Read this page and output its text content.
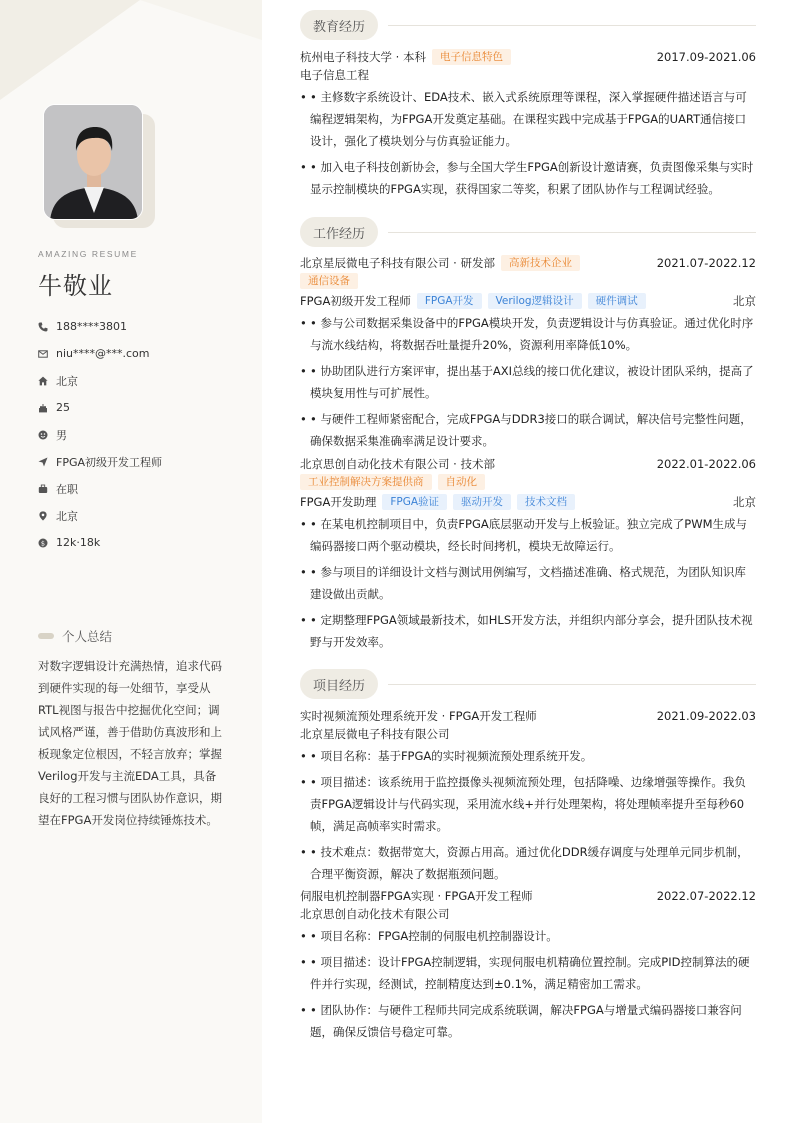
AMAZING RESUME
牛敬业
188****3801
niu****@***.com
北京
25
男
FPGA初级开发工程师
在职
北京
$ 12k·18k
个人总结
对数字逻辑设计充满热情，追求代码到硬件实现的每一处细节，享受从RTL视图与报告中挖掘优化空间；调试风格严谨，善于借助仿真波形和上板现象定位根因，不轻言放弃；掌握Verilog开发与主流EDA工具，具备良好的工程习惯与团队协作意识，期望在FPGA开发岗位持续锤炼技术。
教育经历
杭州电子科技大学 · 本科	电子信息特色	2017.09-2021.06
电子信息工程
• • 主修数字系统设计、EDA技术、嵌入式系统原理等课程，深入掌握硬件描述语言与可编程逻辑架构，为FPGA开发奠定基础。在课程实践中完成基于FPGA的UART通信接口设计，强化了模块划分与仿真验证能力。
• • 加入电子科技创新协会，参与全国大学生FPGA创新设计邀请赛，负责图像采集与实时显示控制模块的FPGA实现，获得国家二等奖，积累了团队协作与工程调试经验。
工作经历
北京星辰微电子科技有限公司 · 研发部	高新技术企业	2021.07-2022.12
通信设备
FPGA初级开发工程师	FPGA开发	Verilog逻辑设计	硬件调试	北京
• • 参与公司数据采集设备中的FPGA模块开发，负责逻辑设计与仿真验证。通过优化时序与流水线结构，将数据吞吐量提升20%，资源利用率降低10%。
• • 协助团队进行方案评审，提出基于AXI总线的接口优化建议，被设计团队采纳，提高了模块复用性与可扩展性。
• • 与硬件工程师紧密配合，完成FPGA与DDR3接口的联合调试，解决信号完整性问题，确保数据采集准确率满足设计要求。
北京思创自动化技术有限公司 · 技术部	2022.01-2022.06
工业控制解决方案提供商	自动化
FPGA开发助理	FPGA验证	驱动开发	技术文档	北京
• • 在某电机控制项目中，负责FPGA底层驱动开发与上板验证。独立完成了PWM生成与编码器接口两个驱动模块，经长时间拷机，模块无故障运行。
• • 参与项目的详细设计文档与测试用例编写，文档描述准确、格式规范，为团队知识库建设做出贡献。
• • 定期整理FPGA领域最新技术，如HLS开发方法，并组织内部分享会，提升团队技术视野与开发效率。
项目经历
实时视频流预处理系统开发 · FPGA开发工程师	2021.09-2022.03
北京星辰微电子科技有限公司
• • 项目名称：基于FPGA的实时视频流预处理系统开发。
• • 项目描述：该系统用于监控摄像头视频流预处理，包括降噪、边缘增强等操作。我负责FPGA逻辑设计与代码实现，采用流水线+并行处理架构，将处理帧率提升至每秒60帧，满足高帧率实时需求。
• • 技术难点：数据带宽大，资源占用高。通过优化DDR缓存调度与处理单元同步机制，合理平衡资源，解决了数据瓶颈问题。
伺服电机控制器FPGA实现 · FPGA开发工程师	2022.07-2022.12
北京思创自动化技术有限公司
• • 项目名称：FPGA控制的伺服电机控制器设计。
• • 项目描述：设计FPGA控制逻辑，实现伺服电机精确位置控制。完成PID控制算法的硬件并行实现，经测试，控制精度达到±0.1%，满足精密加工需求。
• • 团队协作：与硬件工程师共同完成系统联调，解决FPGA与增量式编码器接口兼容问题，确保反馈信号稳定可靠。
